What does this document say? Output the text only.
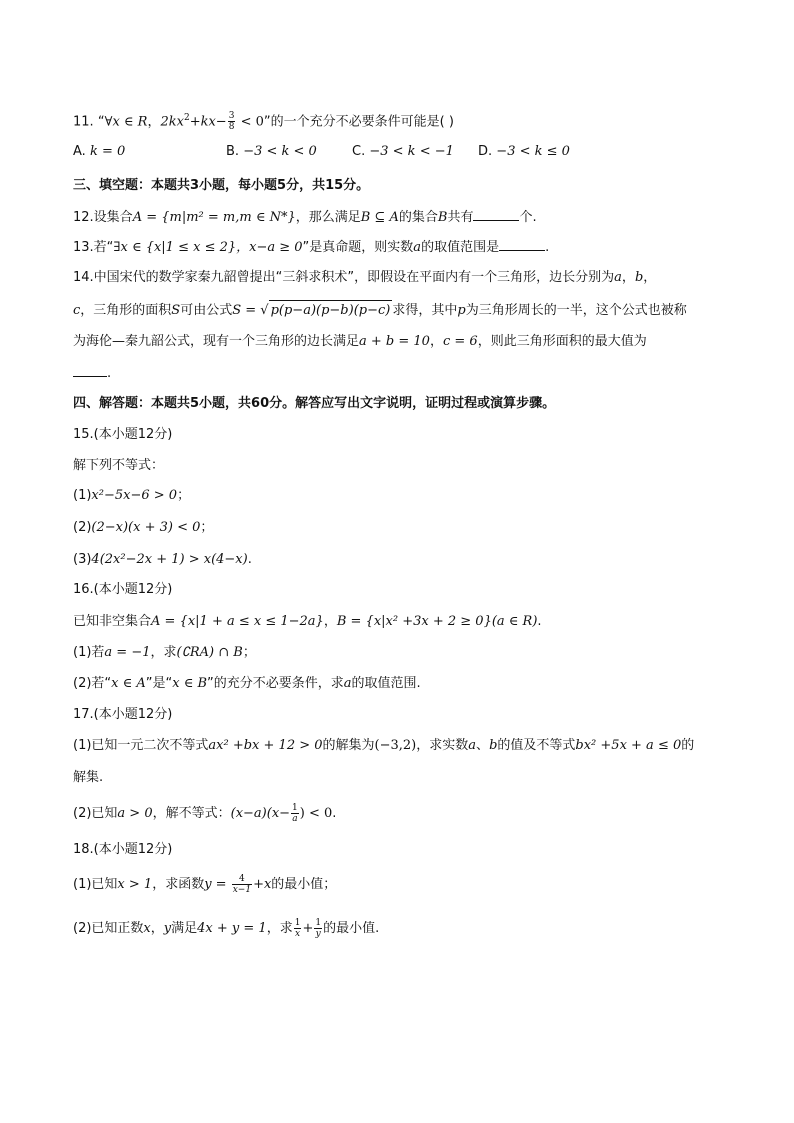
11. “∀x ∈ R，$2kx^2+kx- \frac{3}{8} < 0$”的一个充分不必要条件可能是( )
A. k = 0	B. −3 < k < 0	C. −3 < k < −1 D. −3 < k ≤ 0
三、填空题：本题共3小题，每小题5分，共15分。
12.设集合A = {m|m² = m,m ∈ N*}，那么满足B ⊆ A的集合B共有	个.
13.若“∃x ∈ {x|1 ≤ x ≤ 2}，x−a ≥ 0”是真命题，则实数a的取值范围是	.
14.中国宋代的数学家秦九韶曾提出“三斜求积术”，即假设在平面内有一个三角形，边长分别为a，b，
c，三角形的面积S可由公式S = √ p(p−a)(p−b)(p−c) 求得，其中p为三角形周长的一半，这个公式也被称
为海伦—秦九韶公式，现有一个三角形的边长满足a + b = 10，c = 6，则此三角形面积的最大值为
.
四、解答题：本题共5小题，共60分。解答应写出文字说明，证明过程或演算步骤。
15.(本小题12分)
解下列不等式：
(1)x²−5x−6 > 0；
(2)(2−x)(x + 3) < 0；
(3)4(2x²−2x + 1) > x(4−x).
16.(本小题12分)
已知非空集合A = {x|1 + a ≤ x ≤ 1−2a}，B = {x|x² +3x + 2 ≥ 0}(a ∈ R).
(1)若a = −1，求(∁RA) ∩ B；
(2)若“x ∈ A”是“x ∈ B”的充分不必要条件，求a的取值范围.
17.(本小题12分)
(1)已知一元二次不等式ax² +bx + 12 > 0的解集为(−3,2)，求实数a、b的值及不等式bx² +5x + a ≤ 0的
解集.
(2)已知a > 0，解不等式：$(x-a)(x- \frac{1}{a}$ ) < 0.
18.(本小题12分)
(1)已知x > 1，求函数$y = \frac{4}{x-1} +x$的最小值；
(2)已知正数x，y满足4x + y = 1，求 $\frac{1}{x} + \frac{1}{y}$ 的最小值.
